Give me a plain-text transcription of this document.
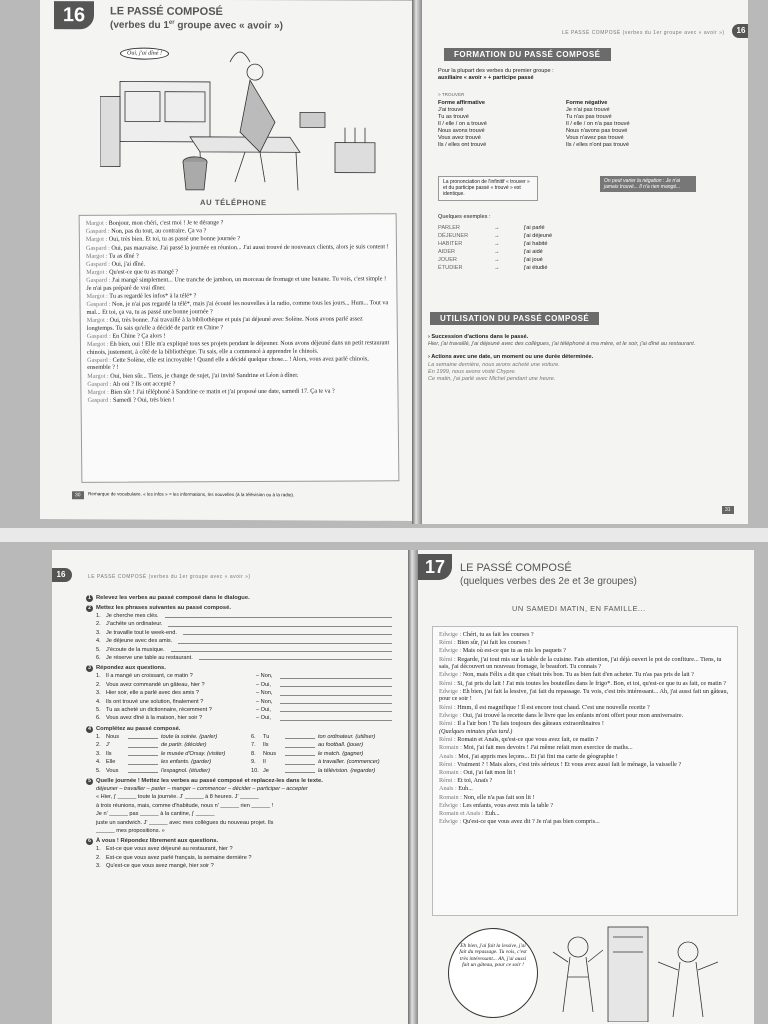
16	LE PASSÉ COMPOSÉ
(verbes du 1er groupe avec « avoir »)
Oui, j'ai dîné !
AU TÉLÉPHONE
Margot : Bonjour, mon chéri, c'est moi ! Je te dérange ?
Gaspard : Non, pas du tout, au contraire. Ça va ?
Margot : Oui, très bien. Et toi, tu as passé une bonne journée ?
Gaspard : Oui, pas mauvaise. J'ai passé la journée en réunion... J'ai aussi trouvé de nouveaux clients, alors je suis content !
Margot : Tu as dîné ?
Gaspard : Oui, j'ai dîné.
Margot : Qu'est-ce que tu as mangé ?
Gaspard : J'ai mangé simplement... Une tranche de jambon, un morceau de fromage et une banane. Tu vois, c'est simple ! Je n'ai pas préparé de vrai dîner.
Margot : Tu as regardé les infos* à la télé* ?
Gaspard : Non, je n'ai pas regardé la télé*, mais j'ai écouté les nouvelles à la radio, comme tous les jours... Hum... Tout va mal... Et toi, ça va, tu as passé une bonne journée ?
Margot : Oui, très bonne. J'ai travaillé à la bibliothèque et puis j'ai déjeuné avec Solène. Nous avons parlé assez longtemps. Tu sais qu'elle a décidé de partir en Chine ?
Gaspard : En Chine ? Ça alors !
Margot : Eh bien, oui ! Elle m'a expliqué tous ses projets pendant le déjeuner. Nous avons déjeuné dans un petit restaurant chinois, justement, à côté de la bibliothèque. Tu sais, elle a commencé à apprendre le chinois.
Gaspard : Cette Solène, elle est incroyable ! Quand elle a décidé quelque chose... ! Alors, vous avez parlé chinois, ensemble ? !
Margot : Oui, bien sûr... Tiens, je change de sujet, j'ai invité Sandrine et Léon à dîner.
Gaspard : Ah oui ? Ils ont accepté ?
Margot : Bien sûr ! J'ai téléphoné à Sandrine ce matin et j'ai proposé une date, samedi 17. Ça te va ?
Gaspard : Samedi ? Oui, très bien !
30	Remarque de vocabulaire. « les infos » = les informations, les nouvelles (à la télévision ou à la radio).
LE PASSÉ COMPOSÉ (verbes du 1er groupe avec « avoir »)	16
FORMATION DU PASSÉ COMPOSÉ
Pour la plupart des verbes du premier groupe :
auxiliaire « avoir » + participe passé
> TROUVER
Forme affirmative
J'ai trouvé
Tu as trouvé
Il / elle / on a trouvé
Nous avons trouvé
Vous avez trouvé
Ils / elles ont trouvé
Forme négative
Je n'ai pas trouvé
Tu n'as pas trouvé
Il / elle / on n'a pas trouvé
Nous n'avons pas trouvé
Vous n'avez pas trouvé
Ils / elles n'ont pas trouvé
La prononciation de l'infinitif « trouver » et du participe passé « trouvé » est identique.
On peut varier la négation : Je n'ai jamais trouvé... Il n'a rien mangé...
Quelques exemples :
PARLER	→	j'ai parlé
DÉJEUNER	→	j'ai déjeuné
HABITER	→	j'ai habité
AIDER	→	j'ai aidé
JOUER	→	j'ai joué
ÉTUDIER	→	j'ai étudié
UTILISATION DU PASSÉ COMPOSÉ
› Succession d'actions dans le passé.
Hier, j'ai travaillé, j'ai déjeuné avec des collègues, j'ai téléphoné à ma mère, et le soir, j'ai dîné au restaurant.
› Actions avec une date, un moment ou une durée déterminée.
La semaine dernière, nous avons acheté une voiture.
En 1999, nous avons visité Chypre.
Ce matin, j'ai parlé avec Michel pendant une heure.
31
16	LE PASSÉ COMPOSÉ (verbes du 1er groupe avec « avoir »)
1 Relevez les verbes au passé composé dans le dialogue.
2 Mettez les phrases suivantes au passé composé.
1. Je cherche mes clés.
2. J'achète un ordinateur.
3. Je travaille tout le week-end.
4. Je déjeune avec des amis.
5. J'écoute de la musique.
6. Je réserve une table au restaurant.
3 Répondez aux questions.
1. Il a mangé un croissant, ce matin ?	– Non,
2. Vous avez commandé un gâteau, hier ?	– Oui,
3. Hier soir, elle a parlé avec des amis ?	– Non,
4. Ils ont trouvé une solution, finalement ?	– Non,
5. Tu as acheté un dictionnaire, récemment ?	– Oui,
6. Vous avez dîné à la maison, hier soir ?	– Oui,
4 Complétez au passé composé.
1. Nous	toute la soirée. (parler)	6.	Tu	ton ordinateur. (utiliser)
2. J'	de partir. (décider)	7.	Ils	au football. (jouer)
3. Ils	le musée d'Orsay. (visiter)	8.	Nous	le match. (gagner)
4. Elle	les enfants. (garder)	9.	Il	à travailler. (commencer)
5. Vous	l'espagnol. (étudier)	10. Je	la télévision. (regarder)
5 Quelle journée ! Mettez les verbes au passé composé et replacez-les dans le texte.
déjeuner – travailler – parler – manger – commencer – décider – participer – accepter
« Hier, j' ______ toute la journée. J' ______ à 8 heures. J' ______
à trois réunions, mais, comme d'habitude, nous n' ______ rien ______ !
Je n' ______ pas ______ à la cantine, j' ______
juste un sandwich. J' ______ avec mes collègues du nouveau projet. Ils
______ mes propositions. »
6 À vous ! Répondez librement aux questions.
1. Est-ce que vous avez déjeuné au restaurant, hier ?
2. Est-ce que vous avez parlé français, la semaine dernière ?
3. Qu'est-ce que vous avez mangé, hier soir ?
17	LE PASSÉ COMPOSÉ
(quelques verbes des 2e et 3e groupes)
UN SAMEDI MATIN, EN FAMILLE...
Edwige : Chéri, tu as fait les courses ?
Rémi : Bien sûr, j'ai fait les courses !
Edwige : Mais où est-ce que tu as mis les paquets ?
Rémi : Regarde, j'ai tout mis sur la table de la cuisine. Fais attention, j'ai déjà ouvert le pot de confiture... Tiens, tu sais, j'ai découvert un nouveau fromage, le beaufort. Tu connais ?
Edwige : Non, mais Félix a dit que c'était très bon. Tu as bien fait d'en acheter. Tu n'as pas pris de lait ?
Rémi : Si, j'ai pris du lait ! J'ai mis toutes les bouteilles dans le frigo*. Bon, et toi, qu'est-ce que tu as fait, ce matin ?
Edwige : Eh bien, j'ai fait la lessive, j'ai fait du repassage. Tu vois, c'est très intéressant... Ah, j'ai aussi fait un gâteau, pour ce soir !
Rémi : Hmm, il est magnifique ! Il est encore tout chaud. C'est une nouvelle recette ?
Edwige : Oui, j'ai trouvé la recette dans le livre que les enfants m'ont offert pour mon anniversaire.
Rémi : Il a l'air bon ! Tu fais toujours des gâteaux extraordinaires !
(Quelques minutes plus tard.)
Rémi : Romain et Anaïs, qu'est-ce que vous avez fait, ce matin ?
Romain : Moi, j'ai fait mes devoirs ! J'ai même refait mon exercice de maths...
Anaïs : Moi, j'ai appris mes leçons... Et j'ai fini ma carte de géographie !
Rémi : Vraiment ? ! Mais alors, c'est très sérieux ! Et vous avez aussi fait le ménage, la vaisselle ?
Romain : Oui, j'ai fait mon lit !
Rémi : Et toi, Anaïs ?
Anaïs : Euh...
Romain : Non, elle n'a pas fait son lit !
Edwige : Les enfants, vous avez mis la table ?
Romain et Anaïs : Euh...
Edwige : Qu'est-ce que vous avez dit ? Je n'ai pas bien compris...
Eh bien, j'ai fait la lessive, j'ai fait du repassage. Tu vois, c'est très intéressant... Ah, j'ai aussi fait un gâteau, pour ce soir !
